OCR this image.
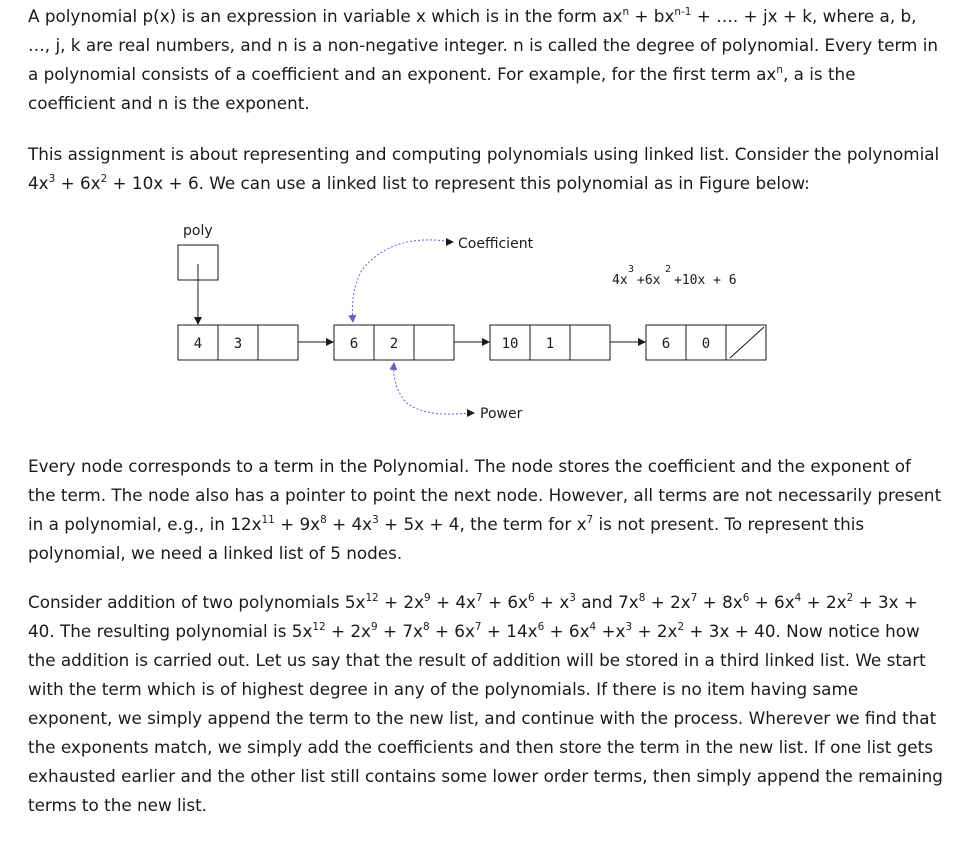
A polynomial p(x) is an expression in variable x which is in the form $ax^n + bx^{n-1}$ + …. + jx + k, where a, b, …, j, k are real numbers, and n is a non-negative integer. n is called the degree of polynomial. Every term in a polynomial consists of a coefficient and an exponent. For example, for the first term $ax^n$, a is the coefficient and n is the exponent.

This assignment is about representing and computing polynomials using linked list. Consider the polynomial $4x^3 + 6x^2 + 10x + 6$. We can use a linked list to represent this polynomial as in Figure below:

poly
4 3	6 2	10 1	6 0
Coefficient
Power
4x
3
+6x
2
+10x + 6

Every node corresponds to a term in the Polynomial. The node stores the coefficient and the exponent of the term. The node also has a pointer to point the next node. However, all terms are not necessarily present in a polynomial, e.g., in $12x^{11} + 9x^8 + 4x^3 + 5x + 4$, the term for $x^7$ is not present. To represent this polynomial, we need a linked list of 5 nodes.

Consider addition of two polynomials $5x^{12} + 2x^9 + 4x^7 + 6x^6 + x^3$ and $7x^8 + 2x^7 + 8x^6 + 6x^4 + 2x^2 + 3x + 40$. The resulting polynomial is $5x^{12} + 2x^9 + 7x^8 + 6x^7 + 14x^6 + 6x^4 +x^3 + 2x^2 + 3x + 40$. Now notice how the addition is carried out. Let us say that the result of addition will be stored in a third linked list. We start with the term which is of highest degree in any of the polynomials. If there is no item having same exponent, we simply append the term to the new list, and continue with the process. Wherever we find that the exponents match, we simply add the coefficients and then store the term in the new list. If one list gets exhausted earlier and the other list still contains some lower order terms, then simply append the remaining terms to the new list.
